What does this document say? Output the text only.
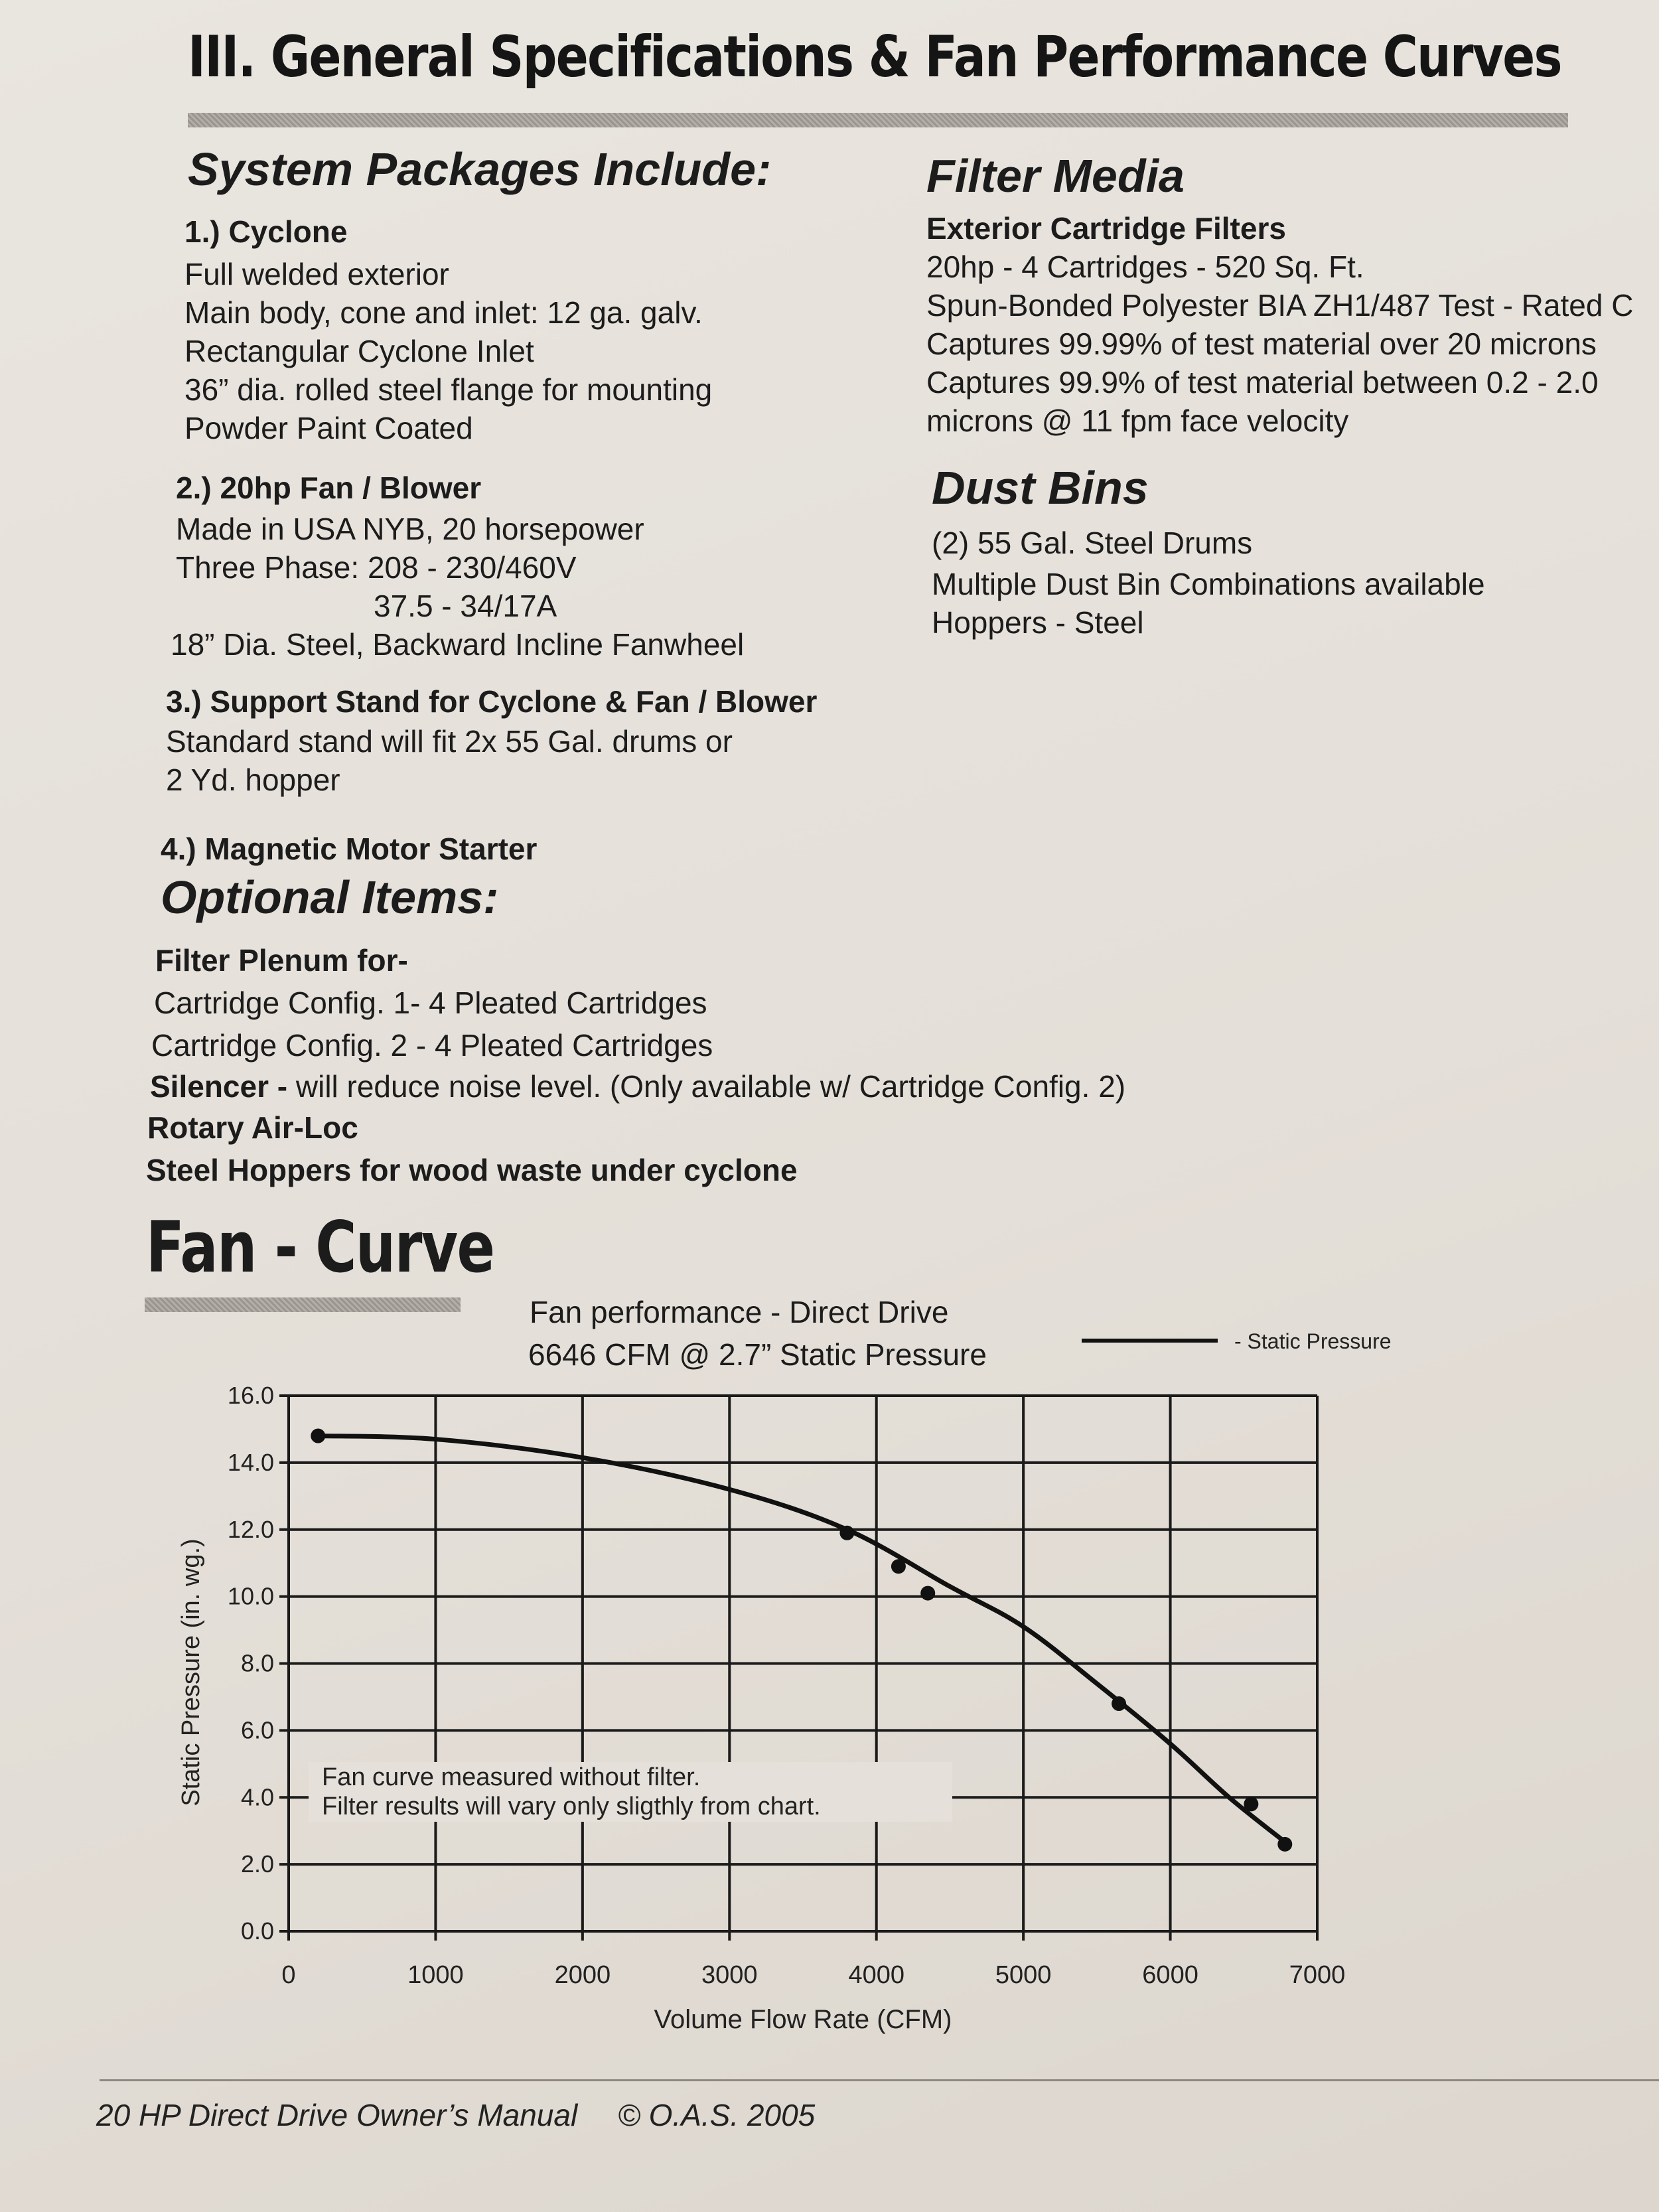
III. General Specifications & Fan Performance Curves
System Packages Include:

1.) Cyclone

Full welded exterior

Main body, cone and inlet: 12 ga. galv.

Rectangular Cyclone Inlet

36” dia. rolled steel flange for mounting

Powder Paint Coated

2.) 20hp Fan / Blower

Made in USA NYB, 20 horsepower

Three Phase: 208 - 230/460V

37.5 - 34/17A

18” Dia. Steel, Backward Incline Fanwheel

3.) Support Stand for Cyclone & Fan / Blower

Standard stand will fit 2x 55 Gal. drums or

2 Yd. hopper

4.) Magnetic Motor Starter

Filter Media

Exterior Cartridge Filters

20hp - 4 Cartridges - 520 Sq. Ft.

Spun-Bonded Polyester BIA ZH1/487 Test - Rated C

Captures 99.99% of test material over 20 microns

Captures 99.9% of test material between 0.2 - 2.0

microns @ 11 fpm face velocity

Dust Bins

(2) 55 Gal. Steel Drums

Multiple Dust Bin Combinations available

Hoppers - Steel

Optional Items:

Filter Plenum for-

Cartridge Config. 1- 4 Pleated Cartridges

Cartridge Config. 2 - 4 Pleated Cartridges

Silencer - will reduce noise level. (Only available w/ Cartridge Config. 2)

Rotary Air-Loc

Steel Hoppers for wood waste under cyclone

Fan - Curve
Fan performance - Direct Drive
6646 CFM @ 2.7” Static Pressure	- Static Pressure
0.0
2.0
4.0
6.0
8.0
10.0
12.0
14.0
16.0
0	1000	2000	3000	4000	5000	6000	7000
Fan curve measured without filter.
Filter results will vary only sligthly from chart.
Volume Flow Rate (CFM)
Static Pressure (in. wg.)
20 HP Direct Drive Owner’s Manual © O.A.S. 2005
